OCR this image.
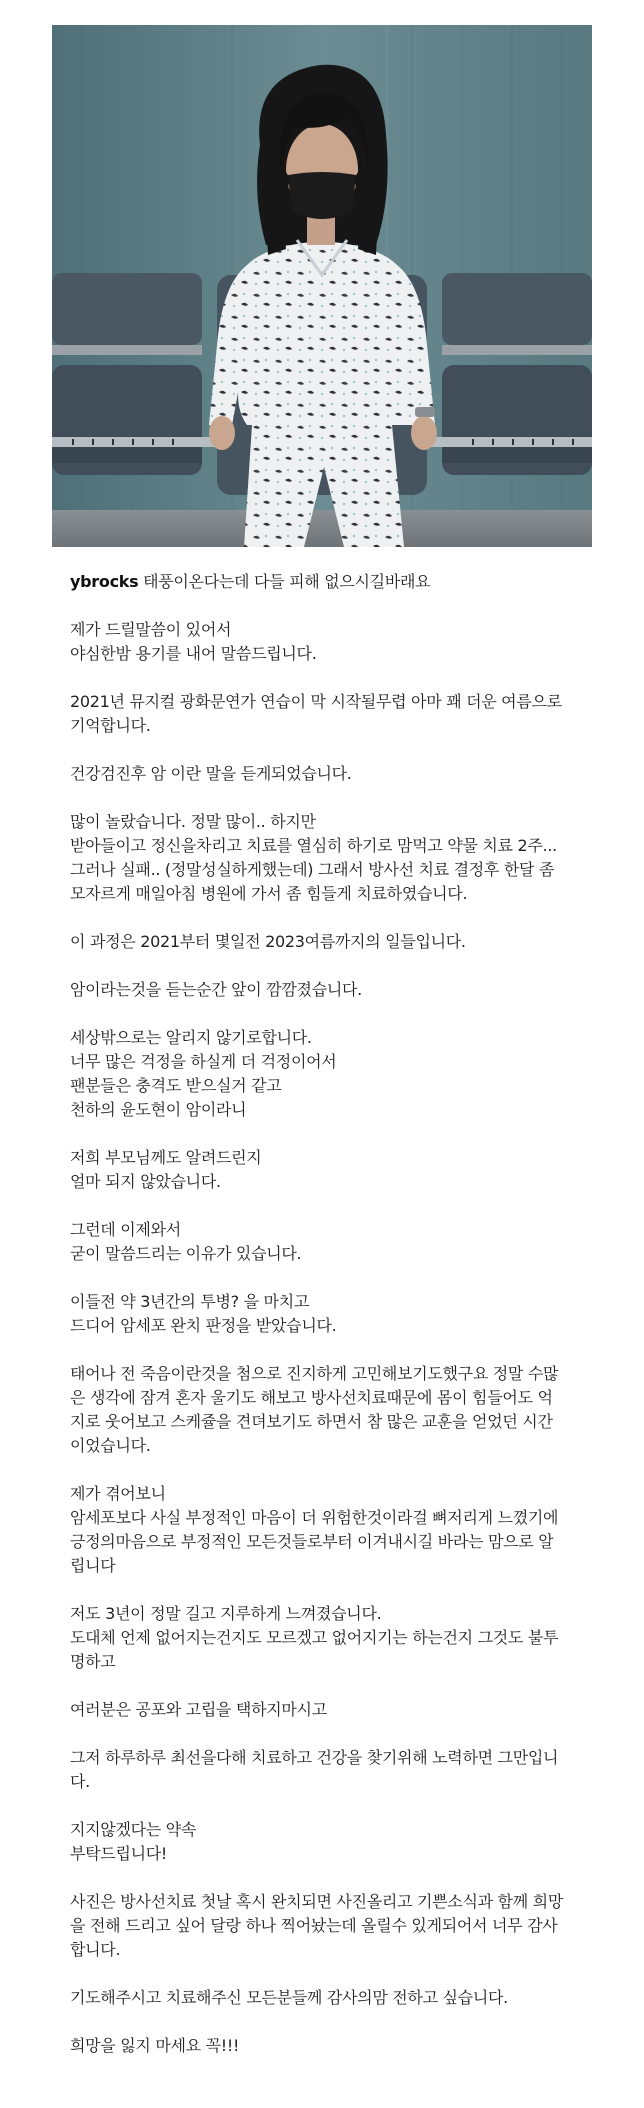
ybrocks 태풍이온다는데 다들 피해 없으시길바래요

제가 드릴말씀이 있어서
야심한밤 용기를 내어 말씀드립니다.

2021년 뮤지컬 광화문연가 연습이 막 시작될무렵 아마 꽤 더운 여름으로
기억합니다.

건강검진후 암 이란 말을 듣게되었습니다.

많이 놀랐습니다. 정말 많이.. 하지만
받아들이고 정신을차리고 치료를 열심히 하기로 맘먹고 약물 치료 2주...
그러나 실패.. (정말성실하게했는데) 그래서 방사선 치료 결정후 한달 좀
모자르게 매일아침 병원에 가서 좀 힘들게 치료하였습니다.

이 과정은 2021부터 몇일전 2023여름까지의 일들입니다.

암이라는것을 듣는순간 앞이 깜깜졌습니다.

세상밖으로는 알리지 않기로합니다.
너무 많은 걱정을 하실게 더 걱정이어서
팬분들은 충격도 받으실거 같고
천하의 윤도현이 암이라니

저희 부모님께도 알려드린지
얼마 되지 않았습니다.

그런데 이제와서
굳이 말씀드리는 이유가 있습니다.

이들전 약 3년간의 투병? 을 마치고
드디어 암세포 완치 판정을 받았습니다.

태어나 전 죽음이란것을 첨으로 진지하게 고민해보기도했구요 정말 수많
은 생각에 잠겨 혼자 울기도 해보고 방사선치료때문에 몸이 힘들어도 억
지로 웃어보고 스케쥴을 견뎌보기도 하면서 참 많은 교훈을 얻었던 시간
이었습니다.

제가 겪어보니
암세포보다 사실 부정적인 마음이 더 위험한것이라걸 뼈저리게 느꼈기에
긍정의마음으로 부정적인 모든것들로부터 이겨내시길 바라는 맘으로 알
립니다

저도 3년이 정말 길고 지루하게 느껴졌습니다.
도대체 언제 없어지는건지도 모르겠고 없어지기는 하는건지 그것도 불투
명하고

여러분은 공포와 고립을 택하지마시고

그저 하루하루 최선을다해 치료하고 건강을 찾기위해 노력하면 그만입니
다.

지지않겠다는 약속
부탁드립니다!

사진은 방사선치료 첫날 혹시 완치되면 사진올리고 기쁜소식과 함께 희망
을 전해 드리고 싶어 달랑 하나 찍어놨는데 올릴수 있게되어서 너무 감사
합니다.

기도해주시고 치료해주신 모든분들께 감사의맘 전하고 싶습니다.

희망을 잃지 마세요 꼭!!!
